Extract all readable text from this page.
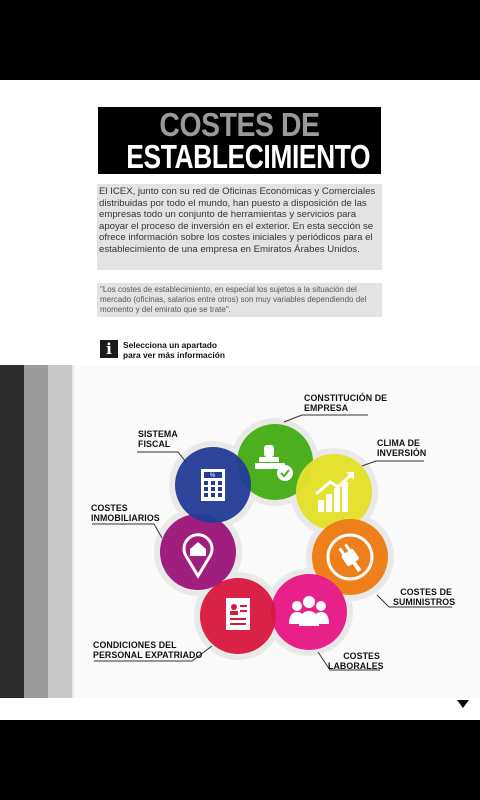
COSTES DE
ESTABLECIMIENTO
El ICEX, junto con su red de Oficinas Económicas y Comerciales distribuidas por todo el mundo, han puesto a disposición de las empresas todo un conjunto de herramientas y servicios para apoyar el proceso de inversión en el exterior. En esta sección se ofrece información sobre los costes iniciales y periódicos para el establecimiento de una empresa en Emiratos Árabes Unidos.
"Los costes de establecimiento, en especial los sujetos a la situación del mercado (oficinas, salarios entre otros) son muy variables dependiendo del momento y del emirato que se trate".
i	Selecciona un apartado
para ver más información
%
CONSTITUCIÓN DE
EMPRESA
CLIMA DE
INVERSIÓN
COSTES DE
SUMINISTROS
COSTES
LABORALES
CONDICIONES DEL
PERSONAL EXPATRIADO
COSTES
INMOBILIARIOS
SISTEMA
FISCAL
